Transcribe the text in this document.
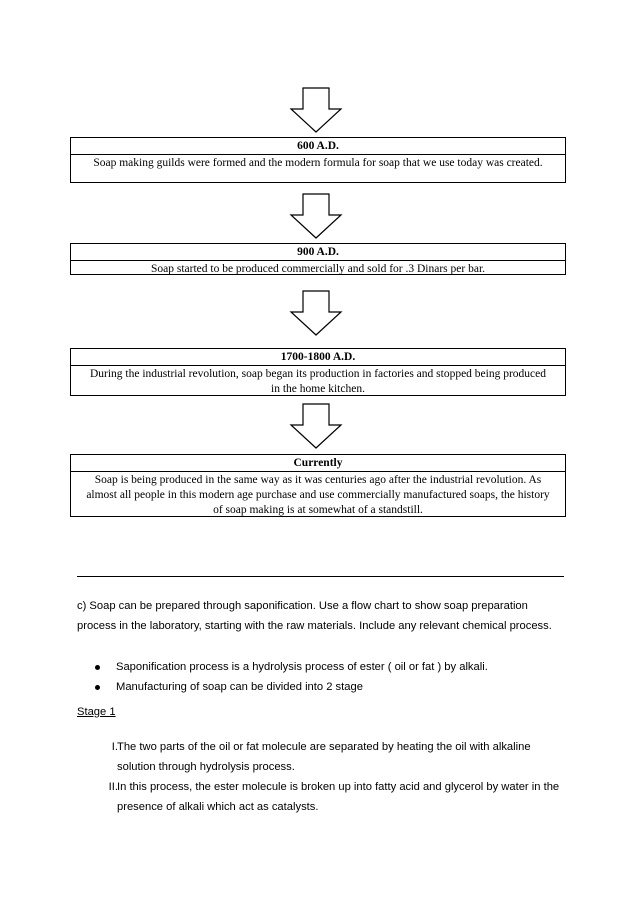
600 A.D.
Soap making guilds were formed and the modern formula for soap that we use today was created.
900 A.D.
Soap started to be produced commercially and sold for .3 Dinars per bar.
1700-1800 A.D.
During the industrial revolution, soap began its production in factories and stopped being produced in the home kitchen.
Currently
Soap is being produced in the same way as it was centuries ago after the industrial revolution. As almost all people in this modern age purchase and use commercially manufactured soaps, the history of soap making is at somewhat of a standstill.
c) Soap can be prepared through saponification. Use a flow chart to show soap preparation process in the laboratory, starting with the raw materials. Include any relevant chemical process.
Saponification process is a hydrolysis process of ester ( oil or fat ) by alkali.
Manufacturing of soap can be divided into 2 stage
Stage 1
I. The two parts of the oil or fat molecule are separated by heating the oil with alkaline solution through hydrolysis process.
II. In this process, the ester molecule is broken up into fatty acid and glycerol by water in the presence of alkali which act as catalysts.
